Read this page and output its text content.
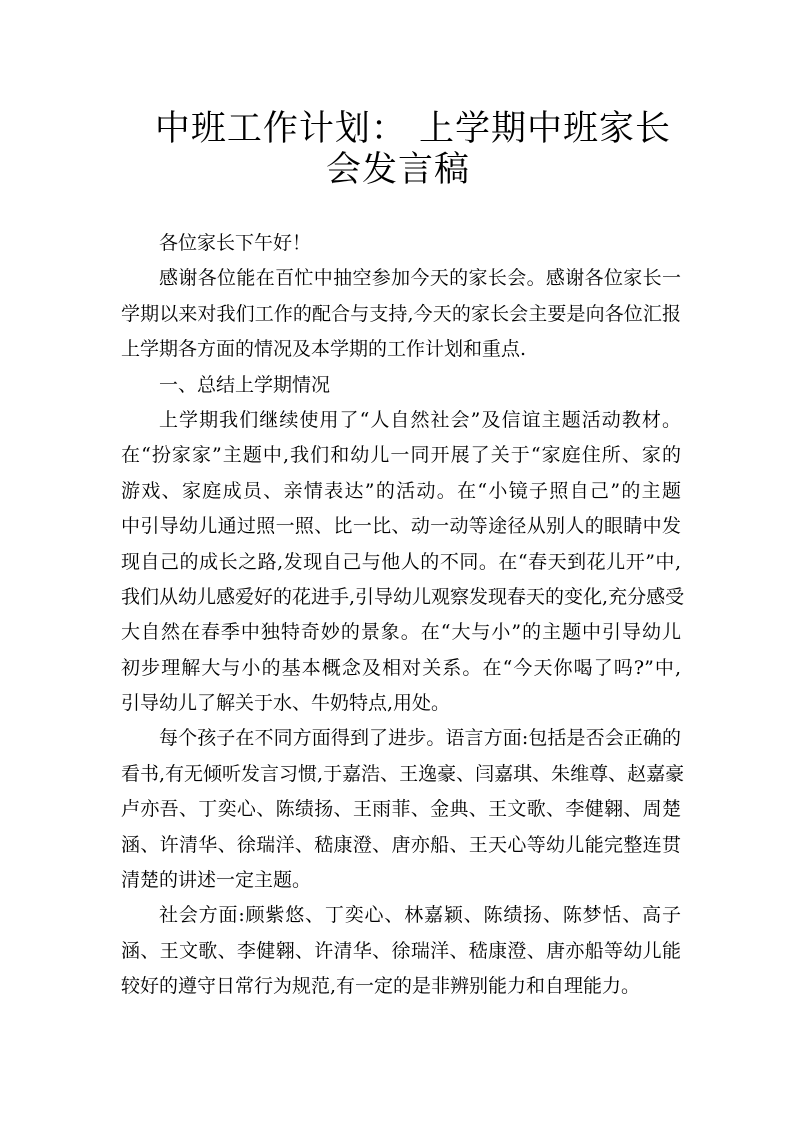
中班工作计划： 上学期中班家长
会发言稿
各位家长下午好！
感谢各位能在百忙中抽空参加今天的家长会。感谢各位家长一
学期以来对我们工作的配合与支持,今天的家长会主要是向各位汇报
上学期各方面的情况及本学期的工作计划和重点.
一、总结上学期情况
上学期我们继续使用了“人自然社会”及信谊主题活动教材。
在“扮家家”主题中,我们和幼儿一同开展了关于“家庭住所、家的
游戏、家庭成员、亲情表达”的活动。在“小镜子照自己”的主题
中引导幼儿通过照一照、比一比、动一动等途径从别人的眼睛中发
现自己的成长之路,发现自己与他人的不同。在“春天到花儿开”中,
我们从幼儿感爱好的花进手,引导幼儿观察发现春天的变化,充分感受
大自然在春季中独特奇妙的景象。在“大与小”的主题中引导幼儿
初步理解大与小的基本概念及相对关系。在“今天你喝了吗?”中,
引导幼儿了解关于水、牛奶特点,用处。
每个孩子在不同方面得到了进步。语言方面:包括是否会正确的
看书,有无倾听发言习惯,于嘉浩、王逸豪、闫嘉琪、朱维尊、赵嘉豪
卢亦吾、丁奕心、陈绩扬、王雨菲、金典、王文歌、李健翱、周楚
涵、许清华、徐瑞洋、嵇康澄、唐亦船、王天心等幼儿能完整连贯
清楚的讲述一定主题。
社会方面:顾紫悠、丁奕心、林嘉颖、陈绩扬、陈梦恬、高子
涵、王文歌、李健翱、许清华、徐瑞洋、嵇康澄、唐亦船等幼儿能
较好的遵守日常行为规范,有一定的是非辨别能力和自理能力。
